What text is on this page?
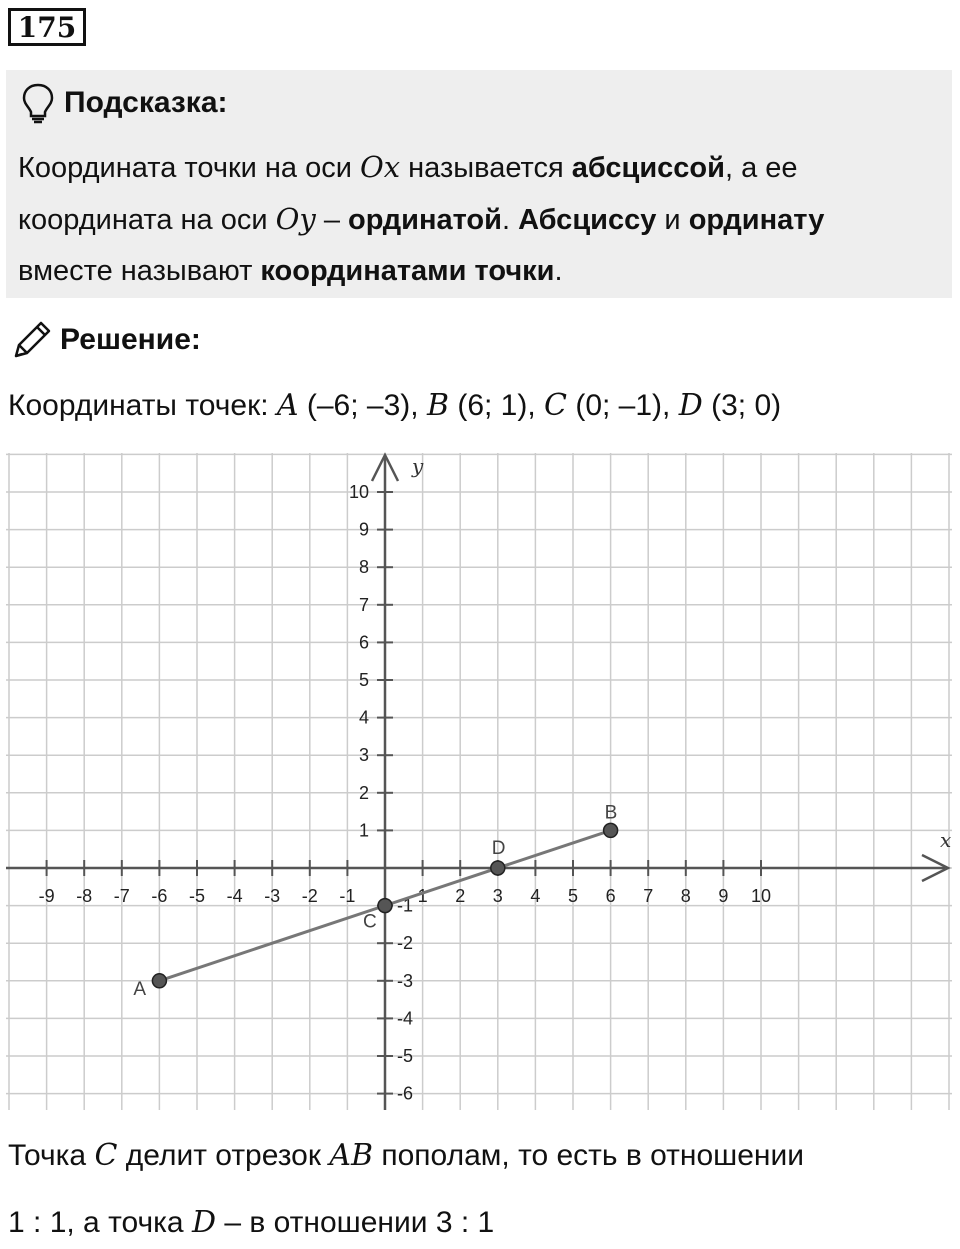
175
Подсказка:
Координата точки на оси Ox называется абсциссой, а ее
координата на оси Oy – ординатой. Абсциссу и ординату
вместе называют координатами точки.
Решение:
Координаты точек: A (–6; –3), B (6; 1), C (0; –1), D (3; 0)
x
y
-9 -8 -7 -6 -5 -4 -3 -2 -1	1 2 3 4 5 6 7 8 9 10
10
9
8
7
6
5
4
3
2
1
-1
-2
-3
-4
-5
-6
A
B
C
D
Точка C делит отрезок AB пополам, то есть в отношении
1 : 1, а точка D – в отношении 3 : 1
